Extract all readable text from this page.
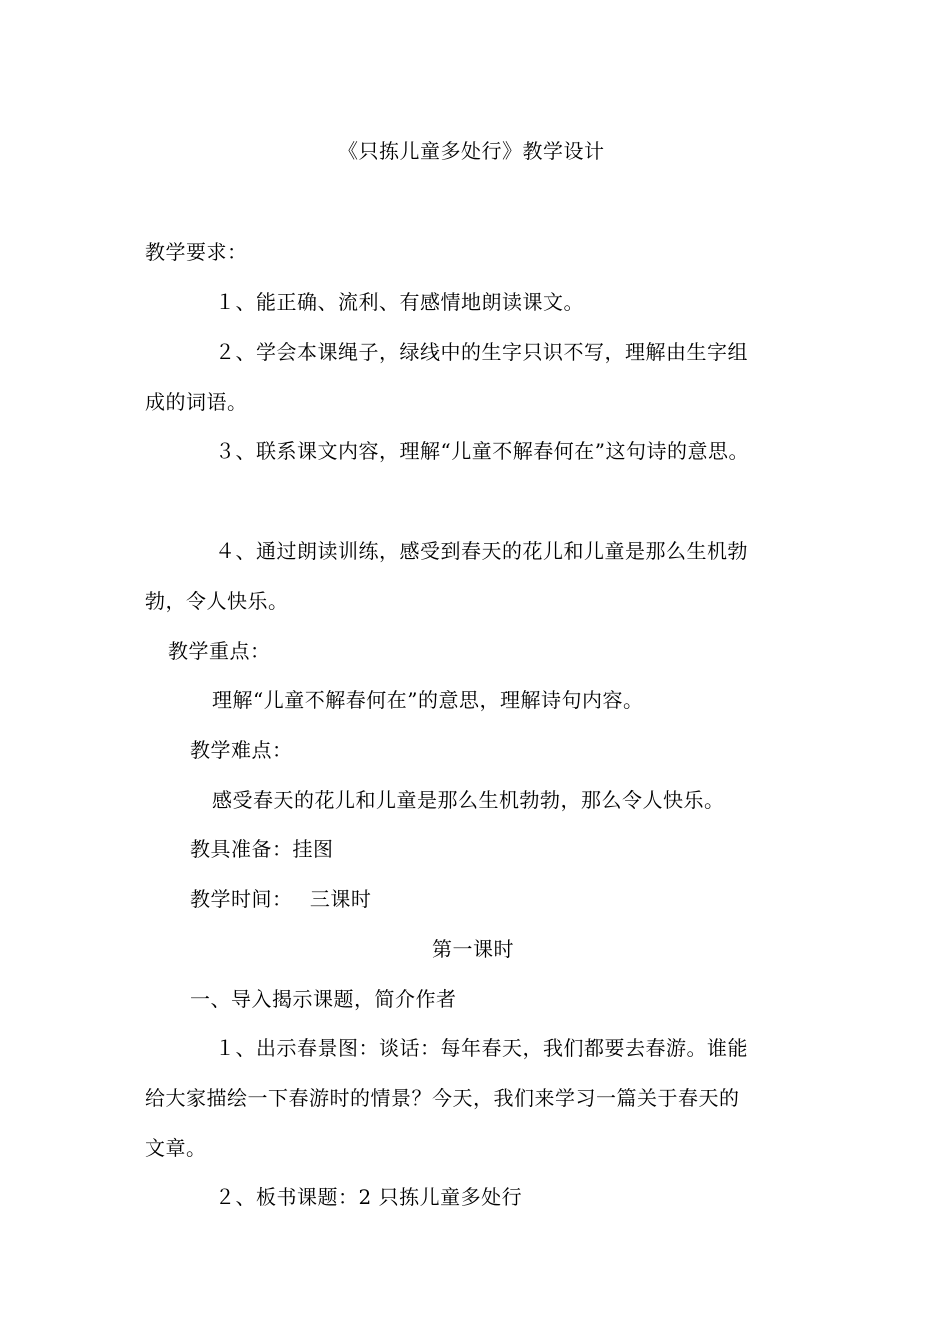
《只拣儿童多处行》教学设计
教学要求：
１、能正确、流利、有感情地朗读课文。
２、学会本课绳子，绿线中的生字只识不写，理解由生字组
成的词语。
３、联系课文内容，理解“儿童不解春何在”这句诗的意思。
４、通过朗读训练，感受到春天的花儿和儿童是那么生机勃
勃，令人快乐。
教学重点：
理解“儿童不解春何在”的意思，理解诗句内容。
教学难点：
感受春天的花儿和儿童是那么生机勃勃，那么令人快乐。
教具准备：挂图
教学时间：　 三课时
第一课时
一、导入揭示课题，简介作者
１、出示春景图：谈话：每年春天，我们都要去春游。谁能
给大家描绘一下春游时的情景？今天，我们来学习一篇关于春天的
文章。
２、板书课题：2 只拣儿童多处行
